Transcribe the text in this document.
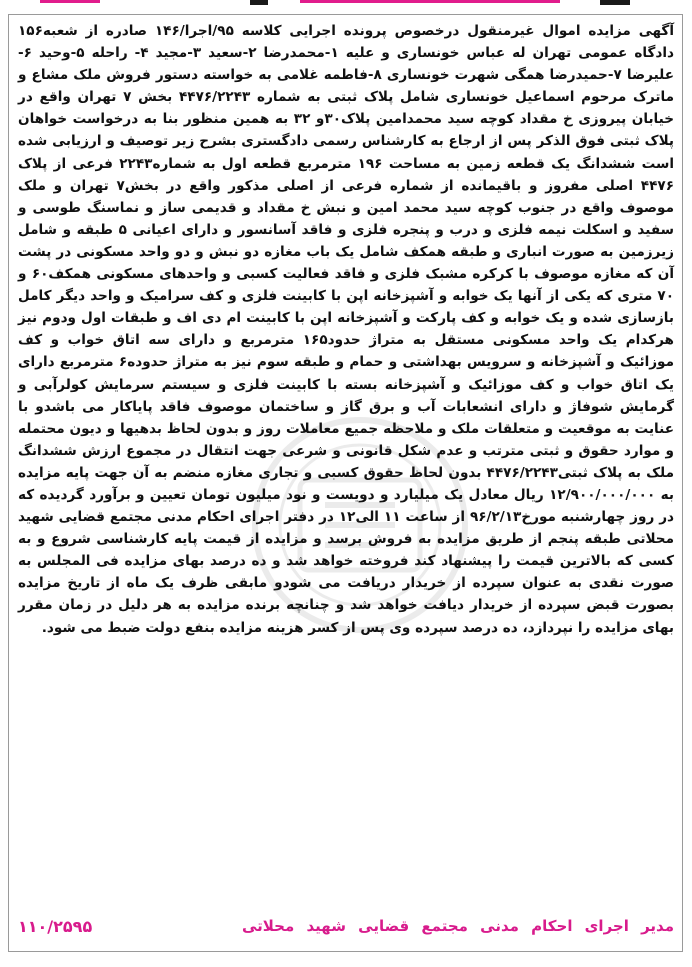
آگهی مزایده اموال غیرمنقول درخصوص پرونده اجرایی کلاسه ۹۵/اجرا/۱۴۶ صادره از شعبه۱۵۶ دادگاه عمومی تهران له عباس خونساری و علیه ۱-محمدرضا ۲-سعید ۳-مجید ۴- راحله ۵-وحید ۶-علیرضا ۷-حمیدرضا همگی شهرت خونساری ۸-فاطمه غلامی به خواسته دستور فروش ملک مشاع و ماترک مرحوم اسماعیل خونساری شامل پلاک ثبتی به شماره ۴۴۷۶/۲۲۴۳ بخش ۷ تهران واقع در خیابان پیروزی خ مقداد کوچه سید محمدامین پلاک۳۰و ۳۲ به همین منظور بنا به درخواست خواهان پلاک ثبتی فوق الذکر پس از ارجاع به کارشناس رسمی دادگستری بشرح زیر توصیف و ارزیابی شده است ششدانگ یک قطعه زمین به مساحت ۱۹۶ مترمربع قطعه اول به شماره۲۲۴۳ فرعی از پلاک ۴۴۷۶ اصلی مفروز و باقیمانده از شماره فرعی از اصلی مذکور واقع در بخش۷ تهران و ملک موصوف واقع در جنوب کوچه سید محمد امین و نبش خ مقداد و قدیمی ساز و نماسنگ طوسی و سفید و اسکلت نیمه فلزی و درب و پنجره فلزی و فاقد آسانسور و دارای اعیانی ۵ طبقه و شامل زیرزمین به صورت انباری و طبقه همکف شامل یک باب مغازه دو نبش و دو واحد مسکونی در پشت آن که مغازه موصوف با کرکره مشبک فلزی و فاقد فعالیت کسبی و واحدهای مسکونی همکف۶۰ و ۷۰ متری که یکی از آنها یک خوابه و آشپزخانه اپن با کابینت فلزی و کف سرامیک و واحد دیگر کامل بازسازی شده و یک خوابه و کف پارکت و آشپزخانه اپن با کابینت ام دی اف و طبقات اول ودوم نیز هرکدام یک واحد مسکونی مستقل به متراژ حدود۱۶۵ مترمربع و دارای سه اتاق خواب و کف موزائیک و آشپزخانه و سرویس بهداشتی و حمام و طبقه سوم نیز به متراژ حدوده۶ مترمربع دارای یک اتاق خواب و کف موزائیک و آشپزخانه بسته با کابینت فلزی و سیستم سرمایش کولرآبی و گرمایش شوفاژ و دارای انشعابات آب و برق گاز و ساختمان موصوف فاقد پایاکار می باشدو با عنایت به موقعیت و متعلقات ملک و ملاحظه جمیع معاملات روز و بدون لحاظ بدهیها و دیون محتمله و موارد حقوق و ثبتی مترتب و عدم شکل قانونی و شرعی جهت انتقال در مجموع ارزش ششدانگ ملک به پلاک ثبتی۴۴۷۶/۲۲۴۳ بدون لحاظ حقوق کسبی و تجاری مغازه منضم به آن جهت پایه مزایده به ۱۲/۹۰۰/۰۰۰/۰۰۰ ریال معادل یک میلیارد و دویست و نود میلیون تومان تعیین و برآورد گردیده که در روز چهارشنبه مورخ۹۶/۲/۱۳ از ساعت ۱۱ الی۱۲ در دفتر اجرای احکام مدنی مجتمع قضایی شهید محلاتی طبقه پنجم از طریق مزایده به فروش برسد و مزایده از قیمت پایه کارشناسی شروع و به کسی که بالاترین قیمت را پیشنهاد کند فروخته خواهد شد و ده درصد بهای مزایده فی المجلس به صورت نقدی به عنوان سپرده از خریدار دریافت می شودو مابقی ظرف یک ماه از تاریخ مزایده بصورت قبض سپرده از خریدار دیافت خواهد شد و چنانچه برنده مزایده به هر دلیل در زمان مقرر بهای مزایده را نپردازد، ده درصد سپرده وی پس از کسر هزینه مزایده بنفع دولت ضبط می شود.

مدیر اجرای احکام مدنی مجتمع قضایی شهید محلاتی
۱۱۰/۲۵۹۵
